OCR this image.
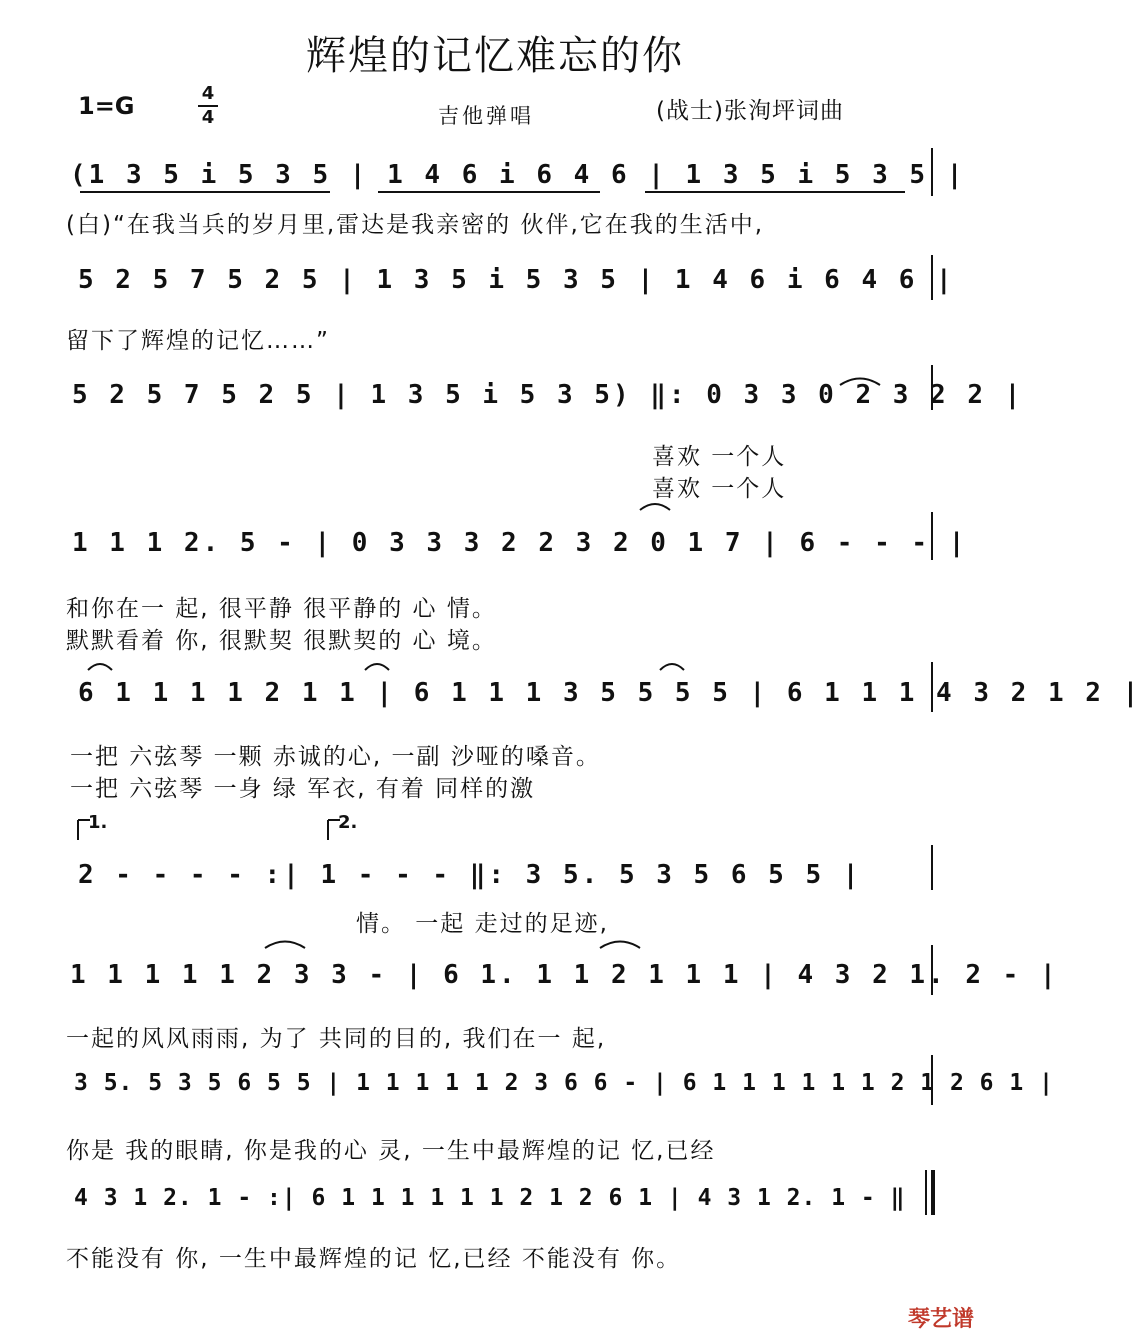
辉煌的记忆难忘的你
1=G	4
4	吉他弹唱	(战士)张洵坪词曲
(1 3 5 i 5 3 5 | 1 4 6 i 6 4 6 | 1 3 5 i 5 3 5 |
(白)“在我当兵的岁月里,雷达是我亲密的 伙伴,它在我的生活中,
5 2 5 7 5 2 5 | 1 3 5 i 5 3 5 | 1 4 6 i 6 4 6 |
留下了辉煌的记忆……”
5 2 5 7 5 2 5 | 1 3 5 i 5 3 5) ‖: 0 3 3 0 2 3 2 2 |
喜欢 一个人
喜欢 一个人
1 1 1 2. 5 - | 0 3 3 3 2 2 3 2 0 1 7 | 6 - - - |
和你在一 起, 很平静 很平静的 心 情。
默默看着 你, 很默契 很默契的 心 境。
6 1 1 1 1 2 1 1 | 6 1 1 1 3 5 5 5 5 | 6 1 1 1 4 3 2 1 2 |
一把 六弦琴 一颗 赤诚的心, 一副 沙哑的嗓音。
一把 六弦琴 一身 绿 军衣, 有着 同样的激
1.	2.
2 - - - - :| 1 - - - ‖: 3 5. 5 3 5 6 5 5 |
情。 一起 走过的足迹,
1 1 1 1 1 2 3 3 - | 6 1. 1 1 2 1 1 1 | 4 3 2 1. 2 - |
一起的风风雨雨, 为了 共同的目的, 我们在一 起,
3 5. 5 3 5 6 5 5 | 1 1 1 1 1 2 3 6 6 - | 6 1 1 1 1 1 1 2 1 2 6 1 |
你是 我的眼睛, 你是我的心 灵, 一生中最辉煌的记 忆,已经
4 3 1 2. 1 - :| 6 1 1 1 1 1 1 2 1 2 6 1 | 4 3 1 2. 1 - ‖
不能没有 你, 一生中最辉煌的记 忆,已经 不能没有 你。
琴艺谱
